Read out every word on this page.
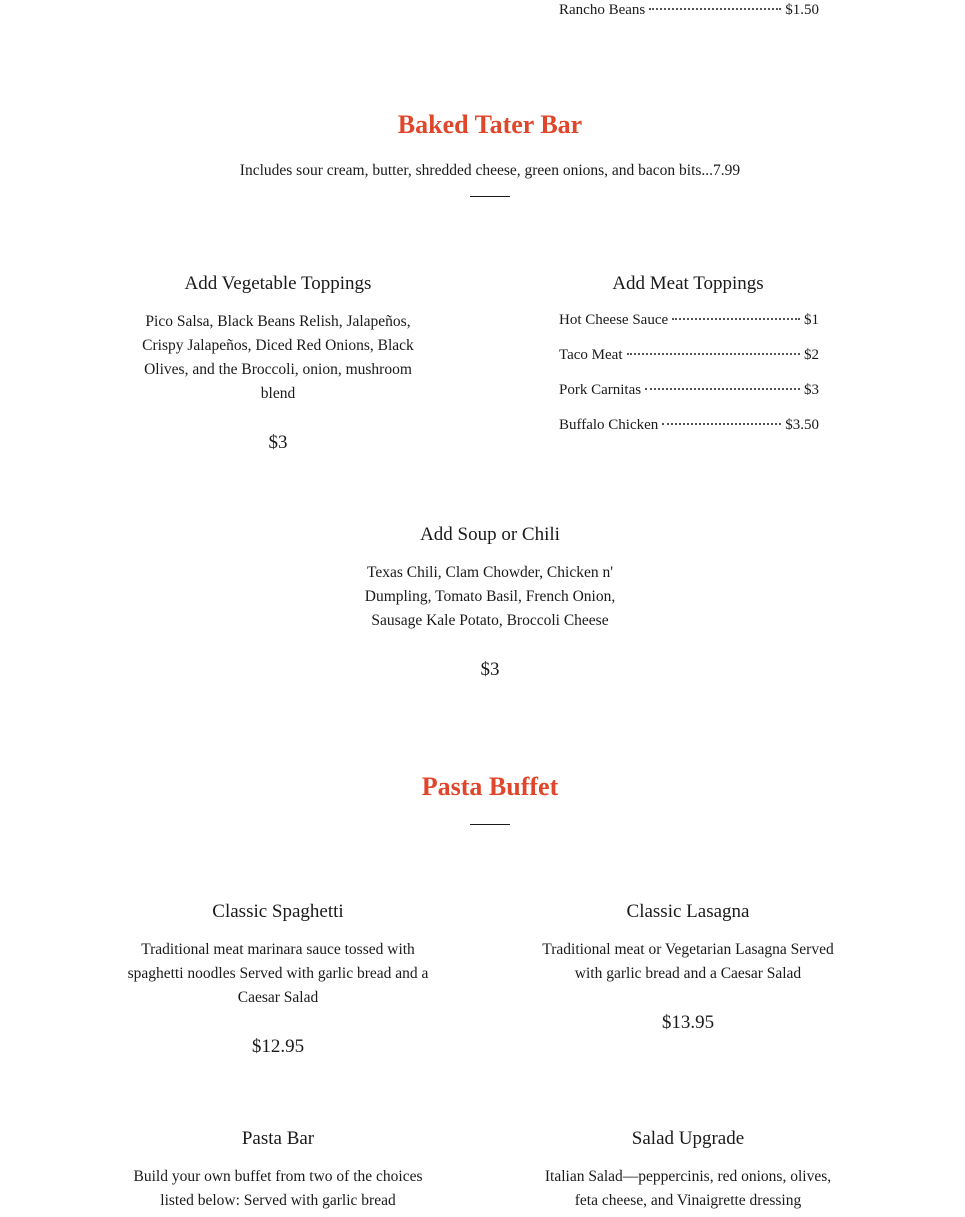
Rancho Beans	$1.50
Baked Tater Bar
Includes sour cream, butter, shredded cheese, green onions, and bacon bits...7.99
Add Vegetable Toppings
Pico Salsa, Black Beans Relish, Jalapeños, Crispy Jalapeños, Diced Red Onions, Black Olives, and the Broccoli, onion, mushroom blend
$3
Add Meat Toppings
Hot Cheese Sauce	$1
Taco Meat	$2
Pork Carnitas	$3
Buffalo Chicken	$3.50
Add Soup or Chili
Texas Chili, Clam Chowder, Chicken n' Dumpling, Tomato Basil, French Onion, Sausage Kale Potato, Broccoli Cheese
$3
Pasta Buffet
Classic Spaghetti
Traditional meat marinara sauce tossed with spaghetti noodles Served with garlic bread and a Caesar Salad
$12.95
Classic Lasagna
Traditional meat or Vegetarian Lasagna Served with garlic bread and a Caesar Salad
$13.95
Pasta Bar
Build your own buffet from two of the choices listed below: Served with garlic bread
Salad Upgrade
Italian Salad—peppercinis, red onions, olives, feta cheese, and Vinaigrette dressing
